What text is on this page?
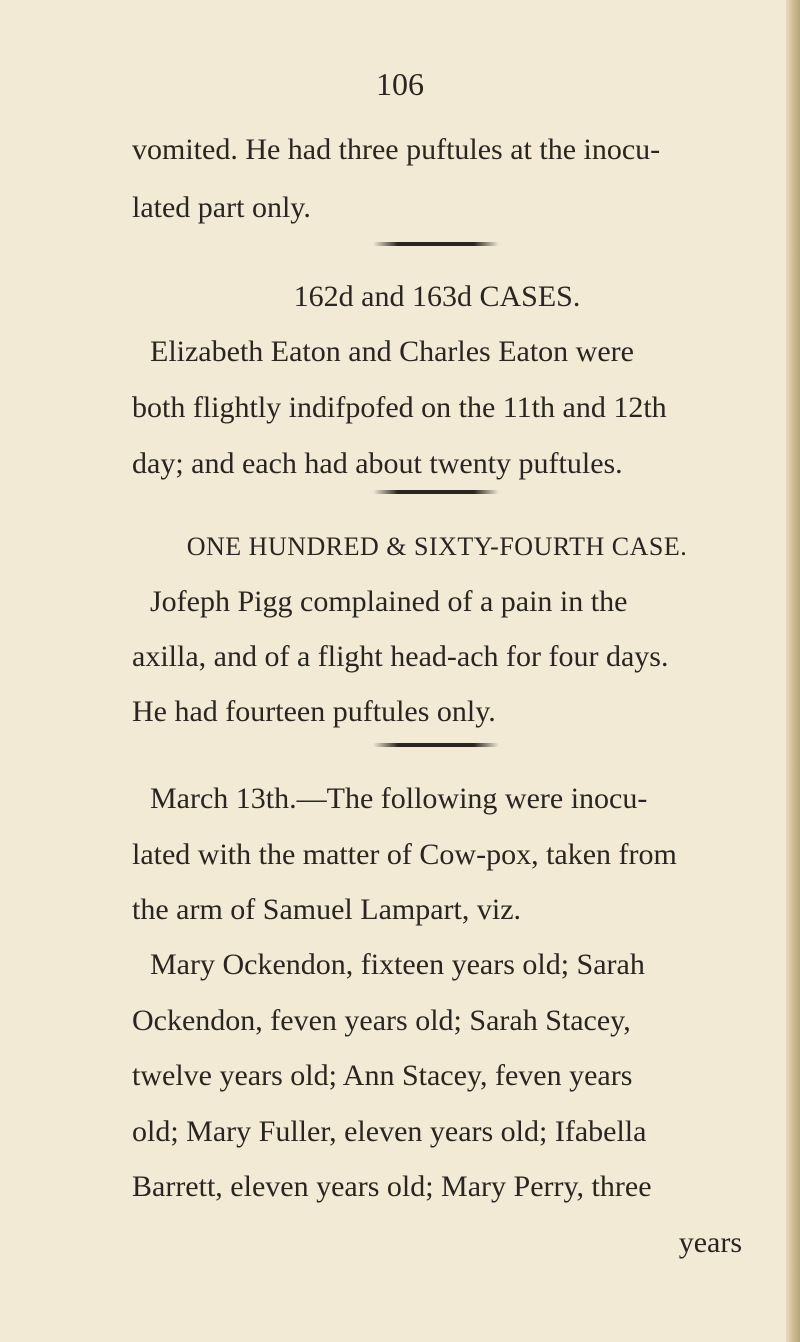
106
vomited. He had three puftules at the inocu-
lated part only.
162d and 163d CASES.
Elizabeth Eaton and Charles Eaton were
both flightly indifpofed on the 11th and 12th
day; and each had about twenty puftules.
ONE HUNDRED & SIXTY-FOURTH CASE.
Jofeph Pigg complained of a pain in the
axilla, and of a flight head-ach for four days.
He had fourteen puftules only.
March 13th.—The following were inocu-
lated with the matter of Cow-pox, taken from
the arm of Samuel Lampart, viz.
Mary Ockendon, fixteen years old; Sarah
Ockendon, feven years old; Sarah Stacey,
twelve years old; Ann Stacey, feven years
old; Mary Fuller, eleven years old; Ifabella
Barrett, eleven years old; Mary Perry, three
years
